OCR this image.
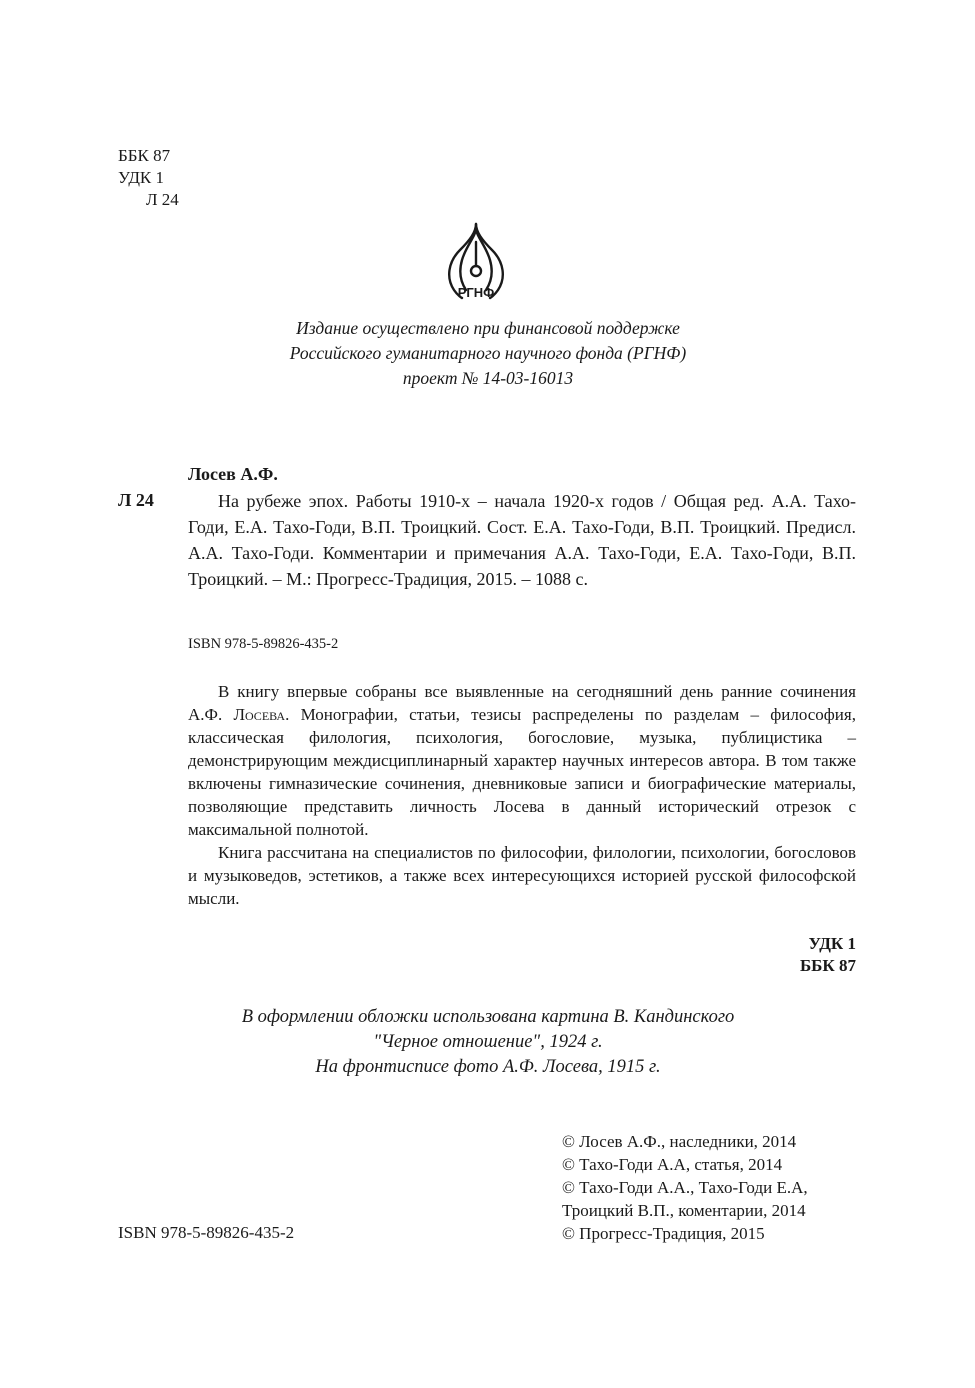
ББК 87
УДК 1
Л 24
РГНФ
Издание осуществлено при финансовой поддержке
Российского гуманитарного научного фонда (РГНФ)
проект № 14-03-16013
Лосев А.Ф.
Л 24	На рубеже эпох. Работы 1910-х – начала 1920-х годов / Общая ред. А.А. Тахо-Годи, Е.А. Тахо-Годи, В.П. Троицкий. Сост. Е.А. Тахо-Годи, В.П. Троицкий. Предисл. А.А. Тахо-Годи. Комментарии и примечания А.А. Тахо-Годи, Е.А. Тахо-Годи, В.П. Троицкий. – М.: Прогресс-Традиция, 2015. – 1088 с.
ISBN 978-5-89826-435-2

В книгу впервые собраны все выявленные на сегодняшний день ранние сочинения А.Ф. Лосева. Монографии, статьи, тезисы распределены по разделам – философия, классическая филология, психология, богословие, музыка, публицистика – демонстрирующим междисциплинарный характер научных интересов автора. В том также включены гимназические сочинения, дневниковые записи и биографические материалы, позволяющие представить личность Лосева в данный исторический отрезок с максимальной полнотой.

Книга рассчитана на специалистов по философии, филологии, психологии, богословов и музыковедов, эстетиков, а также всех интересующихся историей русской философской мысли.

УДК 1
ББК 87
В оформлении обложки использована картина В. Кандинского
"Черное отношение", 1924 г.
На фронтисписе фото А.Ф. Лосева, 1915 г.
ISBN 978-5-89826-435-2
© Лосев А.Ф., наследники, 2014
© Тахо-Годи А.А, статья, 2014
© Тахо-Годи А.А., Тахо-Годи Е.А,
Троицкий В.П., коментарии, 2014
© Прогресс-Традиция, 2015
